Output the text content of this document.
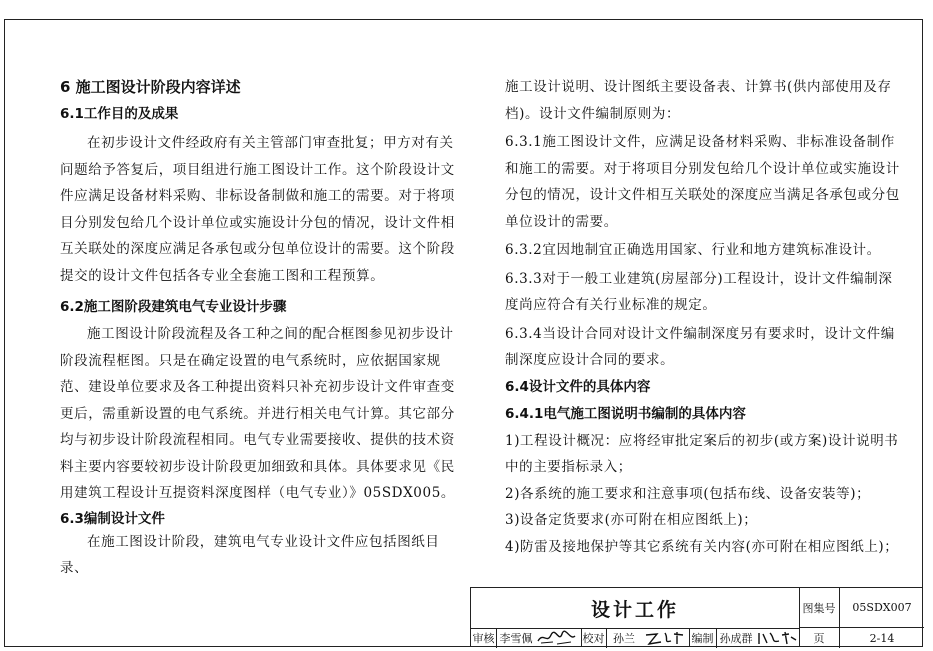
6 施工图设计阶段内容详述

6.1工作目的及成果

在初步设计文件经政府有关主管部门审查批复；甲方对有关问题给予答复后，项目组进行施工图设计工作。这个阶段设计文件应满足设备材料采购、非标设备制做和施工的需要。对于将项目分别发包给几个设计单位或实施设计分包的情况，设计文件相互关联处的深度应满足各承包或分包单位设计的需要。这个阶段提交的设计文件包括各专业全套施工图和工程预算。

6.2施工图阶段建筑电气专业设计步骤

施工图设计阶段流程及各工种之间的配合框图参见初步设计阶段流程框图。只是在确定设置的电气系统时，应依据国家规范、建设单位要求及各工种提出资料只补充初步设计文件审查变更后，需重新设置的电气系统。并进行相关电气计算。其它部分均与初步设计阶段流程相同。电气专业需要接收、提供的技术资料主要内容要较初步设计阶段更加细致和具体。具体要求见《民用建筑工程设计互提资料深度图样（电气专业）》05SDX005。

6.3编制设计文件

在施工图设计阶段，建筑电气专业设计文件应包括图纸目录、

施工设计说明、设计图纸主要设备表、计算书(供内部使用及存档)。设计文件编制原则为：

6.3.1施工图设计文件，应满足设备材料采购、非标准设备制作和施工的需要。对于将项目分别发包给几个设计单位或实施设计分包的情况，设计文件相互关联处的深度应当满足各承包或分包单位设计的需要。

6.3.2宜因地制宜正确选用国家、行业和地方建筑标准设计。

6.3.3对于一般工业建筑(房屋部分)工程设计，设计文件编制深度尚应符合有关行业标准的规定。

6.3.4当设计合同对设计文件编制深度另有要求时，设计文件编制深度应设计合同的要求。

6.4设计文件的具体内容

6.4.1电气施工图说明书编制的具体内容

1)工程设计概况：应将经审批定案后的初步(或方案)设计说明书中的主要指标录入；

2)各系统的施工要求和注意事项(包括布线、设备安装等)；

3)设备定货要求(亦可附在相应图纸上)；

4)防雷及接地保护等其它系统有关内容(亦可附在相应图纸上)；

设计工作	图集号	05SDX007
审核 李雪佩	校对 孙兰	编制 孙成群	页	2-14
